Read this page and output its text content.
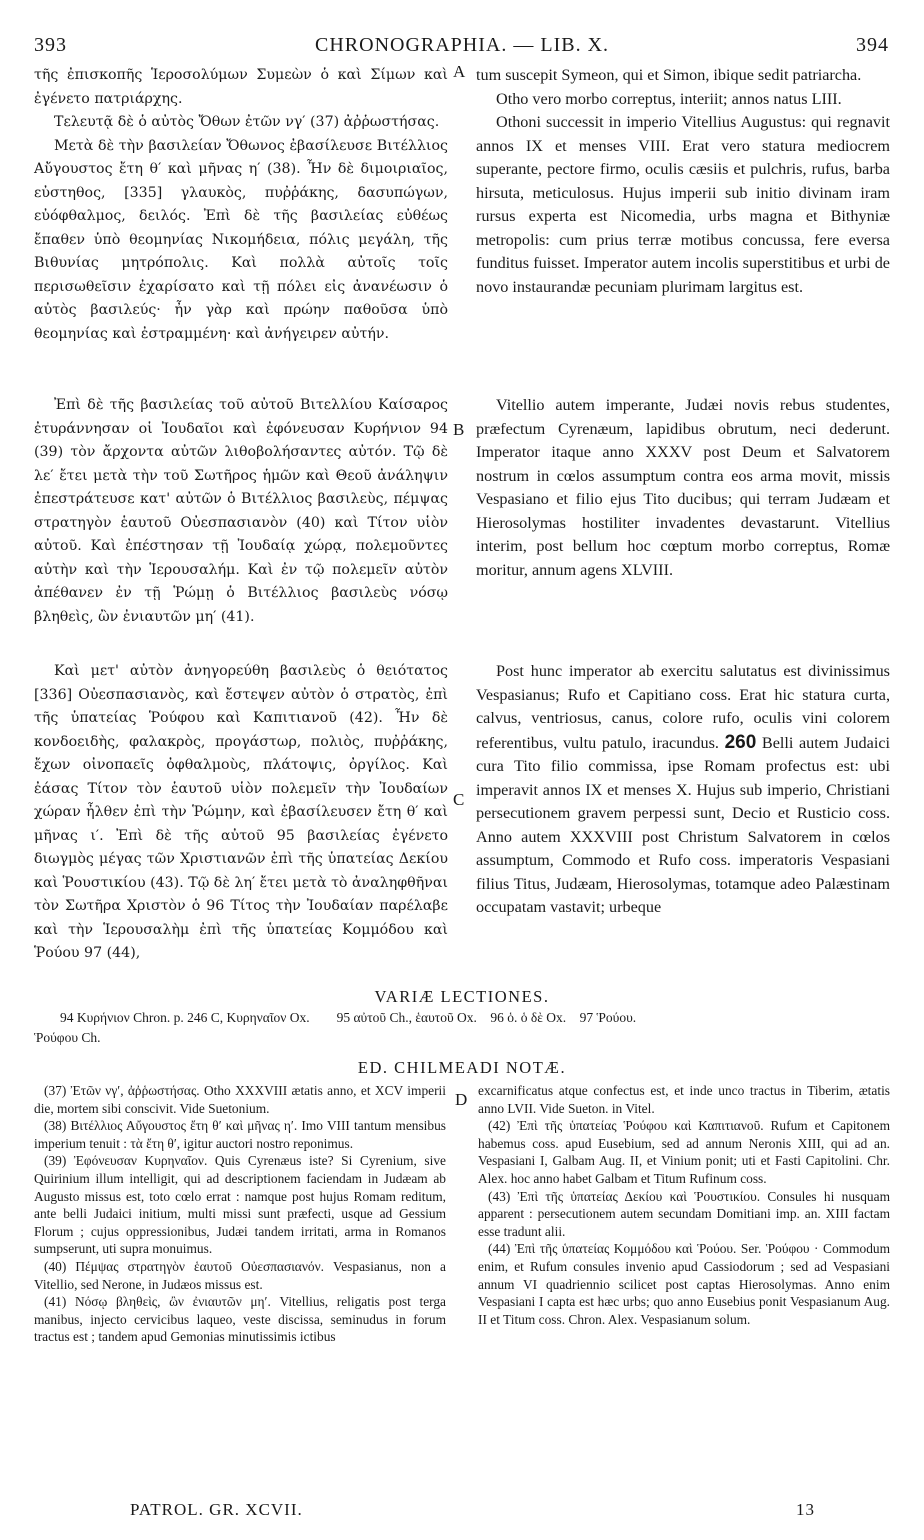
393	CHRONOGRAPHIA. — LIB. X.	394
A
B
C
D

τῆς ἐπισκοπῆς Ἱεροσολύμων Συμεὼν ὁ καὶ Σίμων καὶ ἐγένετο πατριάρχης.

Τελευτᾷ δὲ ὁ αὐτὸς Ὄθων ἐτῶν νγ′ (37) ἀῤῥωστήσας.

Μετὰ δὲ τὴν βασιλείαν Ὄθωνος ἐβασίλευσε Βιτέλλιος Αὔγουστος ἔτη θ′ καὶ μῆνας η′ (38). Ἦν δὲ διμοιριαῖος, εὐστηθος, [335] γλαυκὸς, πυῤῥάκης, δασυπώγων, εὐόφθαλμος, δειλός. Ἐπὶ δὲ τῆς βασιλείας εὐθέως ἔπαθεν ὑπὸ θεομηνίας Νικομήδεια, πόλις μεγάλη, τῆς Βιθυνίας μητρόπολις. Καὶ πολλὰ αὐτοῖς τοῖς περισωθεῖσιν ἐχαρίσατο καὶ τῇ πόλει εἰς ἀνανέωσιν ὁ αὐτὸς βασιλεύς· ἦν γὰρ καὶ πρώην παθοῦσα ὑπὸ θεομηνίας καὶ ἐστραμμένη· καὶ ἀνήγειρεν αὐτήν.

Ἐπὶ δὲ τῆς βασιλείας τοῦ αὐτοῦ Βιτελλίου Καίσαρος ἐτυράννησαν οἱ Ἰουδαῖοι καὶ ἐφόνευσαν Κυρήνιον 94 (39) τὸν ἄρχοντα αὐτῶν λιθοβολήσαντες αὐτόν. Τῷ δὲ λε′ ἔτει μετὰ τὴν τοῦ Σωτῆρος ἡμῶν καὶ Θεοῦ ἀνάληψιν ἐπεστράτευσε κατ' αὐτῶν ὁ Βιτέλλιος βασιλεὺς, πέμψας στρατηγὸν ἑαυτοῦ Οὐεσπασιανὸν (40) καὶ Τίτον υἱὸν αὐτοῦ. Καὶ ἐπέστησαν τῇ Ἰουδαίᾳ χώρᾳ, πολεμοῦντες αὐτὴν καὶ τὴν Ἱερουσαλήμ. Καὶ ἐν τῷ πολεμεῖν αὐτὸν ἀπέθανεν ἐν τῇ Ῥώμῃ ὁ Βιτέλλιος βασιλεὺς νόσῳ βληθεὶς, ὢν ἐνιαυτῶν μη′ (41).

Καὶ μετ' αὐτὸν ἀνηγορεύθη βασιλεὺς ὁ θειότατος [336] Οὐεσπασιανὸς, καὶ ἔστεψεν αὐτὸν ὁ στρατὸς, ἐπὶ τῆς ὑπατείας Ῥούφου καὶ Καπιτιανοῦ (42). Ἦν δὲ κονδοειδὴς, φαλακρὸς, προγάστωρ, πολιὸς, πυῤῥάκης, ἔχων οἰνοπαεῖς ὀφθαλμοὺς, πλάτοψις, ὀργίλος. Καὶ ἐάσας Τίτον τὸν ἑαυτοῦ υἱὸν πολεμεῖν τὴν Ἰουδαίων χώραν ἦλθεν ἐπὶ τὴν Ῥώμην, καὶ ἐβασίλευσεν ἔτη θ′ καὶ μῆνας ι′. Ἐπὶ δὲ τῆς αὐτοῦ 95 βασιλείας ἐγένετο διωγμὸς μέγας τῶν Χριστιανῶν ἐπὶ τῆς ὑπατείας Δεκίου καὶ Ῥουστικίου (43). Τῷ δὲ λη′ ἔτει μετὰ τὸ ἀναληφθῆναι τὸν Σωτῆρα Χριστὸν ὁ 96 Τίτος τὴν Ἰουδαίαν παρέλαβε καὶ τὴν Ἱερουσαλὴμ ἐπὶ τῆς ὑπατείας Κομμόδου καὶ Ῥούου 97 (44),

tum suscepit Symeon, qui et Simon, ibique sedit patriarcha.

Otho vero morbo correptus, interiit; annos natus LIII.

Othoni successit in imperio Vitellius Augustus: qui regnavit annos IX et menses VIII. Erat vero statura mediocrem superante, pectore firmo, oculis cæsiis et pulchris, rufus, barba hirsuta, meticulosus. Hujus imperii sub initio divinam iram rursus experta est Nicomedia, urbs magna et Bithyniæ metropolis: cum prius terræ motibus concussa, fere eversa funditus fuisset. Imperator autem incolis superstitibus et urbi de novo instaurandæ pecuniam plurimam largitus est.

Vitellio autem imperante, Judæi novis rebus studentes, præfectum Cyrenæum, lapidibus obrutum, neci dederunt. Imperator itaque anno XXXV post Deum et Salvatorem nostrum in cœlos assumptum contra eos arma movit, missis Vespasiano et filio ejus Tito ducibus; qui terram Judæam et Hierosolymas hostiliter invadentes devastarunt. Vitellius interim, post bellum hoc cœptum morbo correptus, Romæ moritur, annum agens XLVIII.

Post hunc imperator ab exercitu salutatus est divinissimus Vespasianus; Rufo et Capitiano coss. Erat hic statura curta, calvus, ventriosus, canus, colore rufo, oculis vini colorem referentibus, vultu patulo, iracundus. 260 Belli autem Judaici cura Tito filio commissa, ipse Romam profectus est: ubi imperavit annos IX et menses X. Hujus sub imperio, Christiani persecutionem gravem perpessi sunt, Decio et Rusticio coss. Anno autem XXXVIII post Christum Salvatorem in cœlos assumptum, Commodo et Rufo coss. imperatoris Vespasiani filius Titus, Judæam, Hierosolymas, totamque adeo Palæstinam occupatam vastavit; urbeque

VARIÆ LECTIONES.
94 Κυρήνιον Chron. p. 246 C, Κυρηναῖον Ox.        95 αὐτοῦ Ch., ἑαυτοῦ Ox.    96 ὁ. ὁ δὲ Ox.    97 Ῥούου.
Ῥούφου Ch.
ED. CHILMEADI NOTÆ.

(37) Ἐτῶν νγ′, ἀῤῥωστήσας. Otho XXXVIII ætatis anno, et XCV imperii die, mortem sibi conscivit. Vide Suetonium.

(38) Βιτέλλιος Αὔγουστος ἔτη θ′ καὶ μῆνας η′. Imo VIII tantum mensibus imperium tenuit : τὰ ἔτη θ′, igitur auctori nostro reponimus.

(39) Ἐφόνευσαν Κυρηναῖον. Quis Cyrenæus iste? Si Cyrenium, sive Quirinium illum intelligit, qui ad descriptionem faciendam in Judæam ab Augusto missus est, toto cœlo errat : namque post hujus Romam reditum, ante belli Judaici initium, multi missi sunt præfecti, usque ad Gessium Florum ; cujus oppressionibus, Judæi tandem irritati, arma in Romanos sumpserunt, uti supra monuimus.

(40) Πέμψας στρατηγὸν ἑαυτοῦ Οὐεσπασιανόν. Vespasianus, non a Vitellio, sed Nerone, in Judæos missus est.

(41) Νόσῳ βληθεὶς, ὢν ἐνιαυτῶν μη′. Vitellius, religatis post terga manibus, injecto cervicibus laqueo, veste discissa, seminudus in forum tractus est ; tandem apud Gemonias minutissimis ictibus

excarnificatus atque confectus est, et inde unco tractus in Tiberim, ætatis anno LVII. Vide Sueton. in Vitel.

(42) Ἐπὶ τῆς ὑπατείας Ῥούφου καὶ Καπιτιανοῦ. Rufum et Capitonem habemus coss. apud Eusebium, sed ad annum Neronis XIII, qui ad an. Vespasiani I, Galbam Aug. II, et Vinium ponit; uti et Fasti Capitolini. Chr. Alex. hoc anno habet Galbam et Titum Rufinum coss.

(43) Ἐπὶ τῆς ὑπατείας Δεκίου καὶ Ῥουστικίου. Consules hi nusquam apparent : persecutionem autem secundam Domitiani imp. an. XIII factam esse tradunt alii.

(44) Ἐπὶ τῆς ὑπατείας Κομμόδου καὶ Ῥούου. Ser. Ῥούφου · Commodum enim, et Rufum consules invenio apud Cassiodorum ; sed ad Vespasiani annum VI quadriennio scilicet post captas Hierosolymas. Anno enim Vespasiani I capta est hæc urbs; quo anno Eusebius ponit Vespasianum Aug. II et Titum coss. Chron. Alex. Vespasianum solum.

PATROL. GR. XCVII.	13
